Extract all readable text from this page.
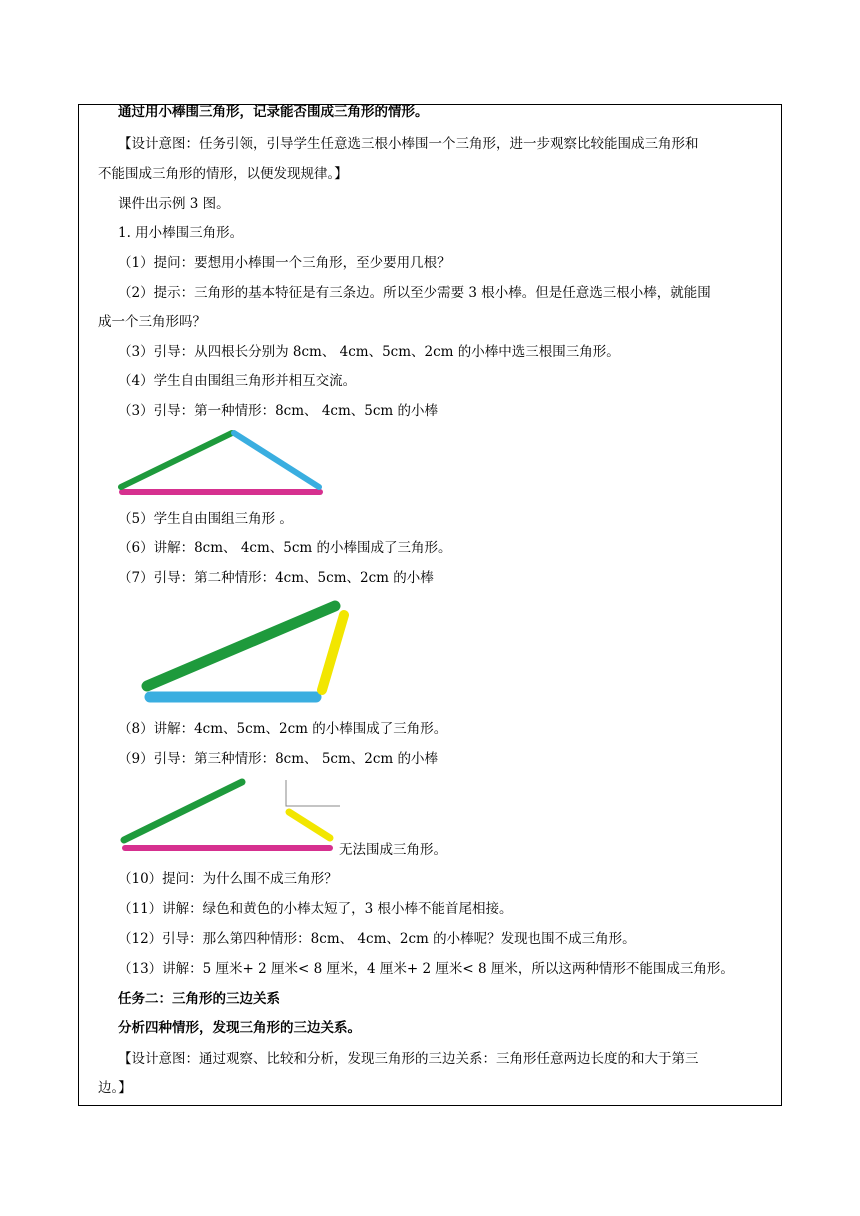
通过用小棒围三角形，记录能否围成三角形的情形。
【设计意图：任务引领，引导学生任意选三根小棒围一个三角形，进一步观察比较能围成三角形和
不能围成三角形的情形，以便发现规律。】
课件出示例 3 图。
1. 用小棒围三角形。
（1）提问：要想用小棒围一个三角形，至少要用几根？
（2）提示：三角形的基本特征是有三条边。所以至少需要 3 根小棒。但是任意选三根小棒，就能围
成一个三角形吗？
（3）引导：从四根长分别为 8cm、 4cm、5cm、2cm 的小棒中选三根围三角形。
（4）学生自由围组三角形并相互交流。
（3）引导：第一种情形：8cm、 4cm、5cm 的小棒
（5）学生自由围组三角形 。
（6）讲解：8cm、 4cm、5cm 的小棒围成了三角形。
（7）引导：第二种情形：4cm、5cm、2cm 的小棒
（8）讲解：4cm、5cm、2cm 的小棒围成了三角形。
（9）引导：第三种情形：8cm、 5cm、2cm 的小棒
无法围成三角形。
（10）提问：为什么围不成三角形？
（11）讲解：绿色和黄色的小棒太短了，3 根小棒不能首尾相接。
（12）引导：那么第四种情形：8cm、 4cm、2cm 的小棒呢？发现也围不成三角形。
（13）讲解：5 厘米+ 2 厘米< 8 厘米，4 厘米+ 2 厘米< 8 厘米，所以这两种情形不能围成三角形。
任务二：三角形的三边关系
分析四种情形，发现三角形的三边关系。
【设计意图：通过观察、比较和分析，发现三角形的三边关系：三角形任意两边长度的和大于第三
边。】
